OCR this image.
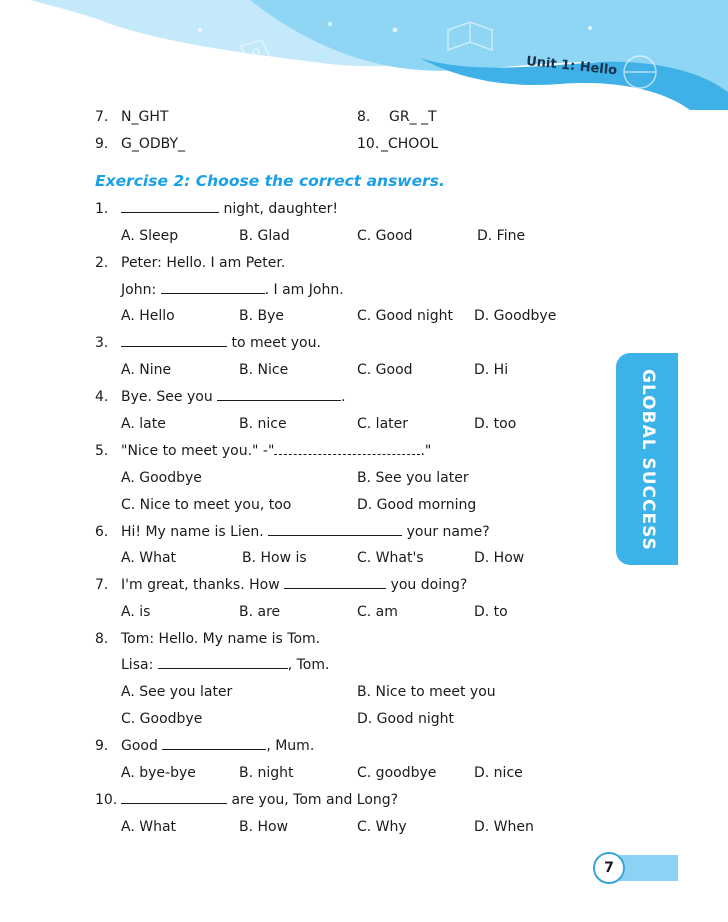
Unit 1: Hello
7. N_GHT	8. GR_ _T
9. G_ODBY_	10. _CHOOL
Exercise 2: Choose the correct answers.
1.	night, daughter!
A. Sleep	B. Glad	C. Good	D. Fine
2. Peter: Hello. I am Peter.
John:	. I am John.
A. Hello	B. Bye	C. Good night D. Goodbye
3.	to meet you.
A. Nine	B. Nice	C. Good	D. Hi
4. Bye. See you	.
A. late	B. nice	C. later	D. too
5. "Nice to meet you." -"	."
A. Goodbye	B. See you later
C. Nice to meet you, too	D. Good morning
6. Hi! My name is Lien.	your name?
A. What	B. How is	C. What's	D. How
7. I'm great, thanks. How	you doing?
A. is	B. are	C. am	D. to
8. Tom: Hello. My name is Tom.
Lisa:	, Tom.
A. See you later	B. Nice to meet you
C. Goodbye	D. Good night
9. Good	, Mum.
A. bye-bye	B. night	C. goodbye	D. nice
10.	are you, Tom and Long?
A. What	B. How	C. Why	D. When
GLOBAL SUCCESS
7
